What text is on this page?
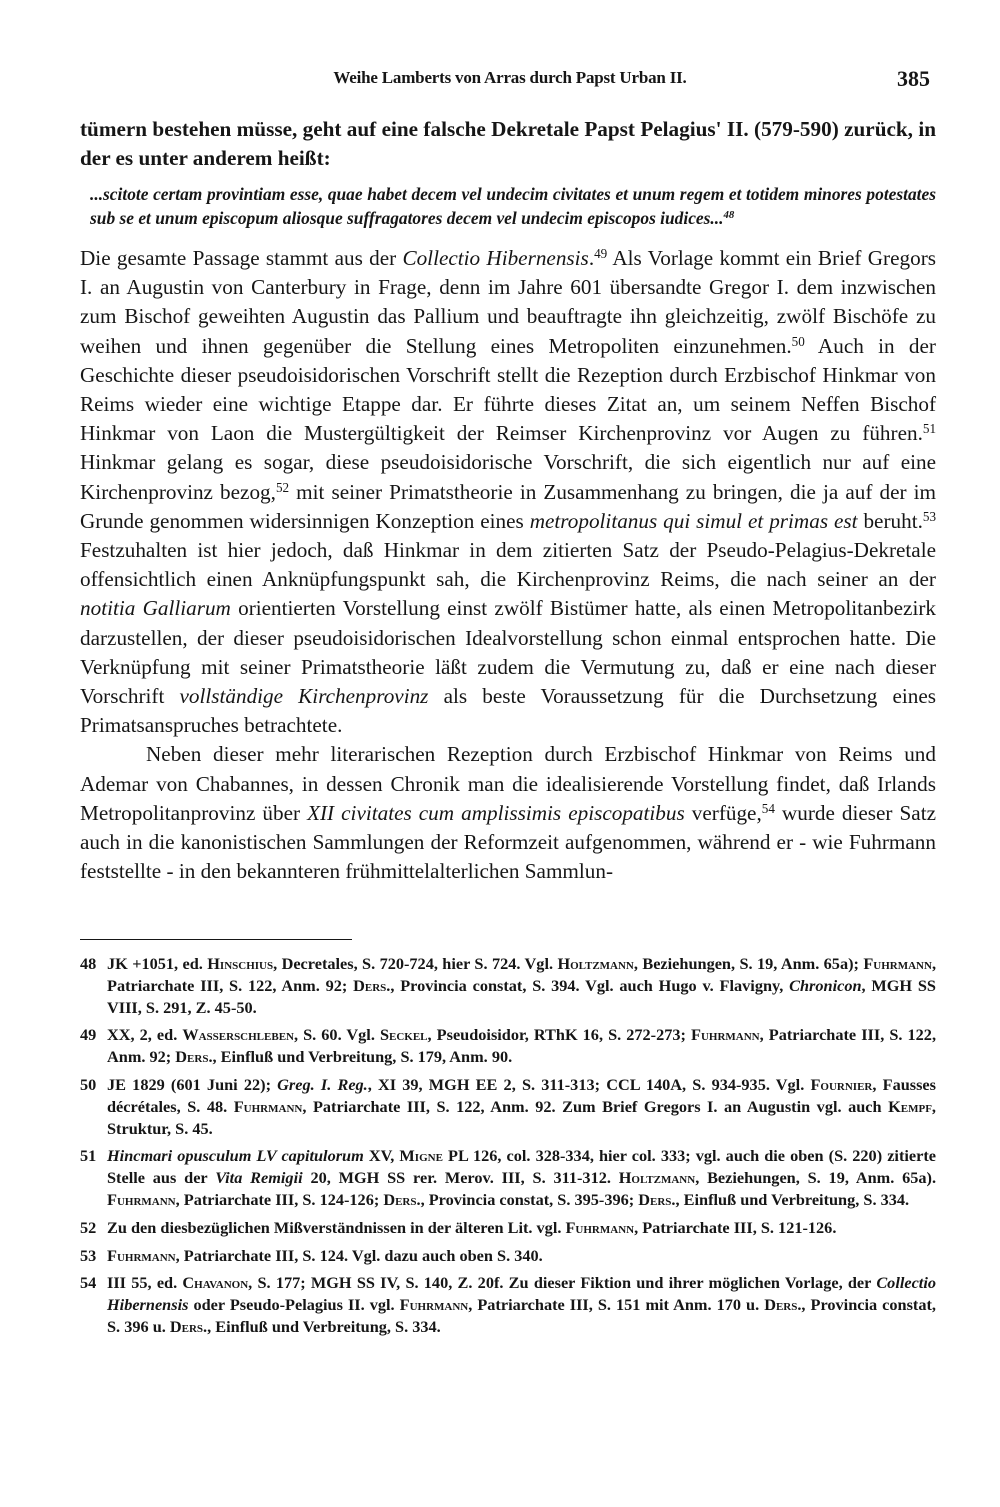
Weihe Lamberts von Arras durch Papst Urban II.	385

tümern bestehen müsse, geht auf eine falsche Dekretale Papst Pelagius' II. (579-590) zurück, in der es unter anderem heißt:

...scitote certam provintiam esse, quae habet decem vel undecim civitates et unum regem et totidem minores potestates sub se et unum episcopum aliosque suffragatores decem vel undecim episcopos iudices...$^{48}$

Die gesamte Passage stammt aus der Collectio Hibernensis.$^{49}$ Als Vorlage kommt ein Brief Gregors I. an Augustin von Canterbury in Frage, denn im Jahre 601 übersandte Gregor I. dem inzwischen zum Bischof geweihten Augustin das Pallium und beauftragte ihn gleichzeitig, zwölf Bischöfe zu weihen und ihnen gegenüber die Stellung eines Metropoliten einzunehmen.$^{50}$ Auch in der Geschichte dieser pseudoisidorischen Vorschrift stellt die Rezeption durch Erzbischof Hinkmar von Reims wieder eine wichtige Etappe dar. Er führte dieses Zitat an, um seinem Neffen Bischof Hinkmar von Laon die Mustergültigkeit der Reimser Kirchenprovinz vor Augen zu führen.$^{51}$ Hinkmar gelang es sogar, diese pseudoisidorische Vorschrift, die sich eigentlich nur auf eine Kirchenprovinz bezog,$^{52}$ mit seiner Primatstheorie in Zusammenhang zu bringen, die ja auf der im Grunde genommen widersinnigen Konzeption eines metropolitanus qui simul et primas est beruht.$^{53}$ Festzuhalten ist hier jedoch, daß Hinkmar in dem zitierten Satz der Pseudo-Pelagius-Dekretale offensichtlich einen Anknüpfungspunkt sah, die Kirchenprovinz Reims, die nach seiner an der notitia Galliarum orientierten Vorstellung einst zwölf Bistümer hatte, als einen Metropolitanbezirk darzustellen, der dieser pseudoisidorischen Idealvorstellung schon einmal entsprochen hatte. Die Verknüpfung mit seiner Primatstheorie läßt zudem die Vermutung zu, daß er eine nach dieser Vorschrift vollständige Kirchenprovinz als beste Voraussetzung für die Durchsetzung eines Primatsanspruches betrachtete.

Neben dieser mehr literarischen Rezeption durch Erzbischof Hinkmar von Reims und Ademar von Chabannes, in dessen Chronik man die idealisierende Vorstellung findet, daß Irlands Metropolitanprovinz über XII civitates cum amplissimis episcopatibus verfüge,$^{54}$ wurde dieser Satz auch in die kanonistischen Sammlungen der Reformzeit aufgenommen, während er - wie Fuhrmann feststellte - in den bekannteren frühmittelalterlichen Sammlun-

48 JK +1051, ed. Hinschius, Decretales, S. 720-724, hier S. 724. Vgl. Holtzmann, Beziehungen, S. 19, Anm. 65a); Fuhrmann, Patriarchate III, S. 122, Anm. 92; Ders., Provincia constat, S. 394. Vgl. auch Hugo v. Flavigny, Chronicon, MGH SS VIII, S. 291, Z. 45-50.

49 XX, 2, ed. Wasserschleben, S. 60. Vgl. Seckel, Pseudoisidor, RThK 16, S. 272-273; Fuhrmann, Patriarchate III, S. 122, Anm. 92; Ders., Einfluß und Verbreitung, S. 179, Anm. 90.

50 JE 1829 (601 Juni 22); Greg. I. Reg., XI 39, MGH EE 2, S. 311-313; CCL 140A, S. 934-935. Vgl. Fournier, Fausses décrétales, S. 48. Fuhrmann, Patriarchate III, S. 122, Anm. 92. Zum Brief Gregors I. an Augustin vgl. auch Kempf, Struktur, S. 45.

51 Hincmari opusculum LV capitulorum XV, Migne PL 126, col. 328-334, hier col. 333; vgl. auch die oben (S. 220) zitierte Stelle aus der Vita Remigii 20, MGH SS rer. Merov. III, S. 311-312. Holtzmann, Beziehungen, S. 19, Anm. 65a). Fuhrmann, Patriarchate III, S. 124-126; Ders., Provincia constat, S. 395-396; Ders., Einfluß und Verbreitung, S. 334.

52 Zu den diesbezüglichen Mißverständnissen in der älteren Lit. vgl. Fuhrmann, Patriarchate III, S. 121-126.

53 Fuhrmann, Patriarchate III, S. 124. Vgl. dazu auch oben S. 340.

54 III 55, ed. Chavanon, S. 177; MGH SS IV, S. 140, Z. 20f. Zu dieser Fiktion und ihrer möglichen Vorlage, der Collectio Hibernensis oder Pseudo-Pelagius II. vgl. Fuhrmann, Patriarchate III, S. 151 mit Anm. 170 u. Ders., Provincia constat, S. 396 u. Ders., Einfluß und Verbreitung, S. 334.
